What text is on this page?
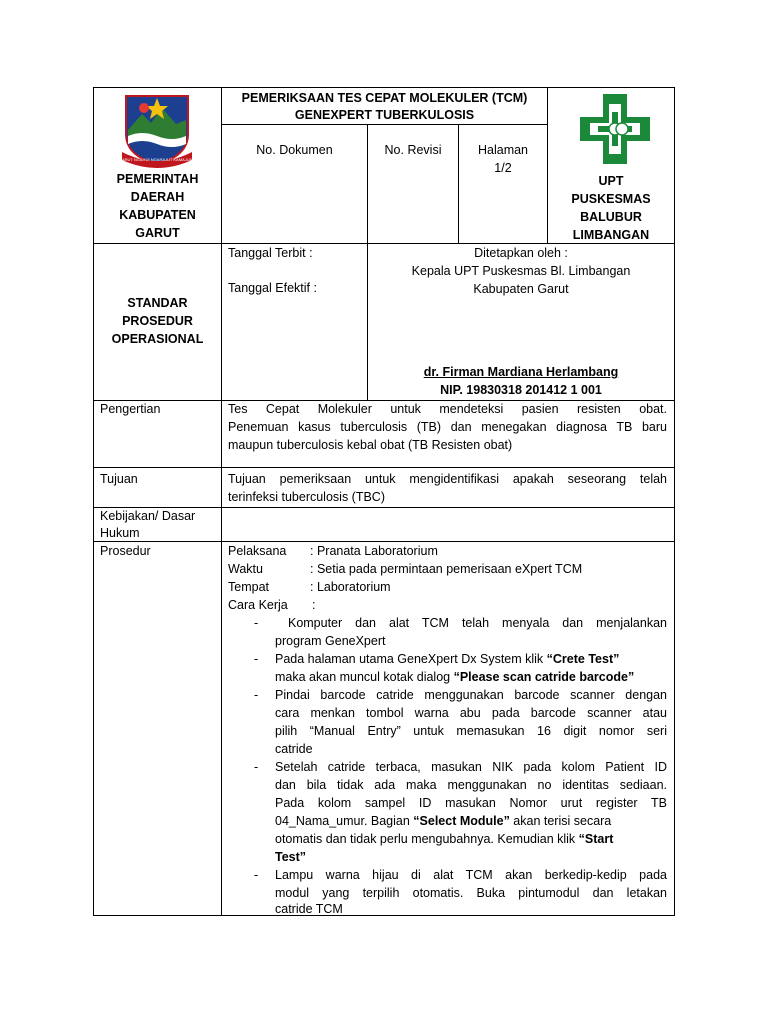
GARUT NGAHIJI NGARAJUT KAMAJUAN
PEMERINTAH
DAERAH
KABUPATEN
GARUT
PEMERIKSAAN TES CEPAT MOLEKULER (TCM)
GENEXPERT TUBERKULOSIS
No. Dokumen	No. Revisi	Halaman
1/2
UPT
PUSKESMAS
BALUBUR
LIMBANGAN
STANDAR
PROSEDUR
OPERASIONAL
Tanggal Terbit :
Tanggal Efektif :
Ditetapkan oleh :
Kepala UPT Puskesmas Bl. Limbangan
Kabupaten Garut
dr. Firman Mardiana Herlambang
NIP. 19830318 201412 1 001
Pengertian	Tes Cepat Molekuler untuk mendeteksi pasien resisten obat.
Penemuan kasus tuberculosis (TB) dan menegakan diagnosa TB baru
maupun tuberculosis kebal obat (TB Resisten obat)
Tujuan	Tujuan pemeriksaan untuk mengidentifikasi apakah seseorang telah
terinfeksi tuberculosis (TBC)
Kebijakan/ Dasar
Hukum
Prosedur	Pelaksana : Pranata Laboratorium
Waktu	: Setia pada permintaan pemerisaan eXpert TCM
Tempat	: Laboratorium
Cara Kerja :
- Komputer dan alat TCM telah menyala dan menjalankan
program GeneXpert
- Pada halaman utama GeneXpert Dx System klik “Crete Test”
maka akan muncul kotak dialog “Please scan catride barcode”
- Pindai barcode catride menggunakan barcode scanner dengan
cara menkan tombol warna abu pada barcode scanner atau
pilih “Manual Entry” untuk memasukan 16 digit nomor seri
catride
- Setelah catride terbaca, masukan NIK pada kolom Patient ID
dan bila tidak ada maka menggunakan no identitas sediaan.
Pada kolom sampel ID masukan Nomor urut register TB
04_Nama_umur. Bagian “Select Module” akan terisi secara
otomatis dan tidak perlu mengubahnya. Kemudian klik “Start
Test”
- Lampu warna hijau di alat TCM akan berkedip-kedip pada
modul yang terpilih otomatis. Buka pintumodul dan letakan
catride TCM
